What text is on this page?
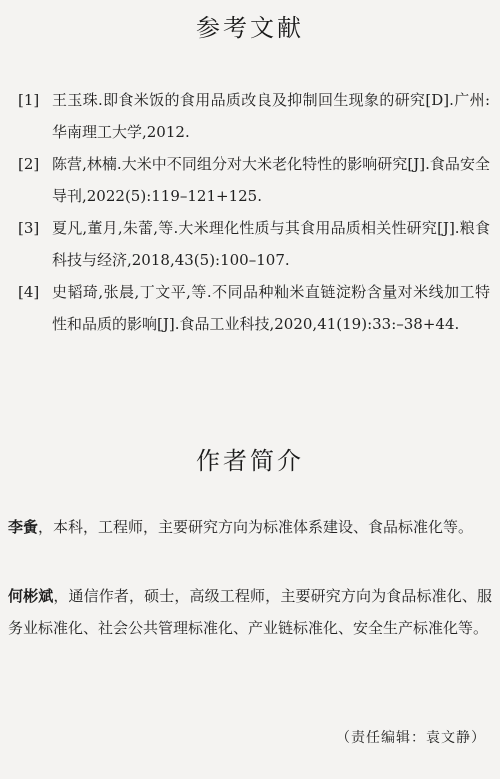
参考文献
[1] 王玉珠.即食米饭的食用品质改良及抑制回生现象的研究[D].广州:华南理工大学,2012.
[2] 陈营,林楠.大米中不同组分对大米老化特性的影响研究[J].食品安全导刊,2022(5):119–121+125.
[3] 夏凡,董月,朱蕾,等.大米理化性质与其食用品质相关性研究[J].粮食科技与经济,2018,43(5):100–107.
[4] 史韬琦,张晨,丁文平,等.不同品种籼米直链淀粉含量对米线加工特性和品质的影响[J].食品工业科技,2020,41(19):33:–38+44.
作者简介
李夤，本科，工程师，主要研究方向为标准体系建设、食品标准化等。
何彬斌，通信作者，硕士，高级工程师，主要研究方向为食品标准化、服务业标准化、社会公共管理标准化、产业链标准化、安全生产标准化等。
（责任编辑：袁文静）
